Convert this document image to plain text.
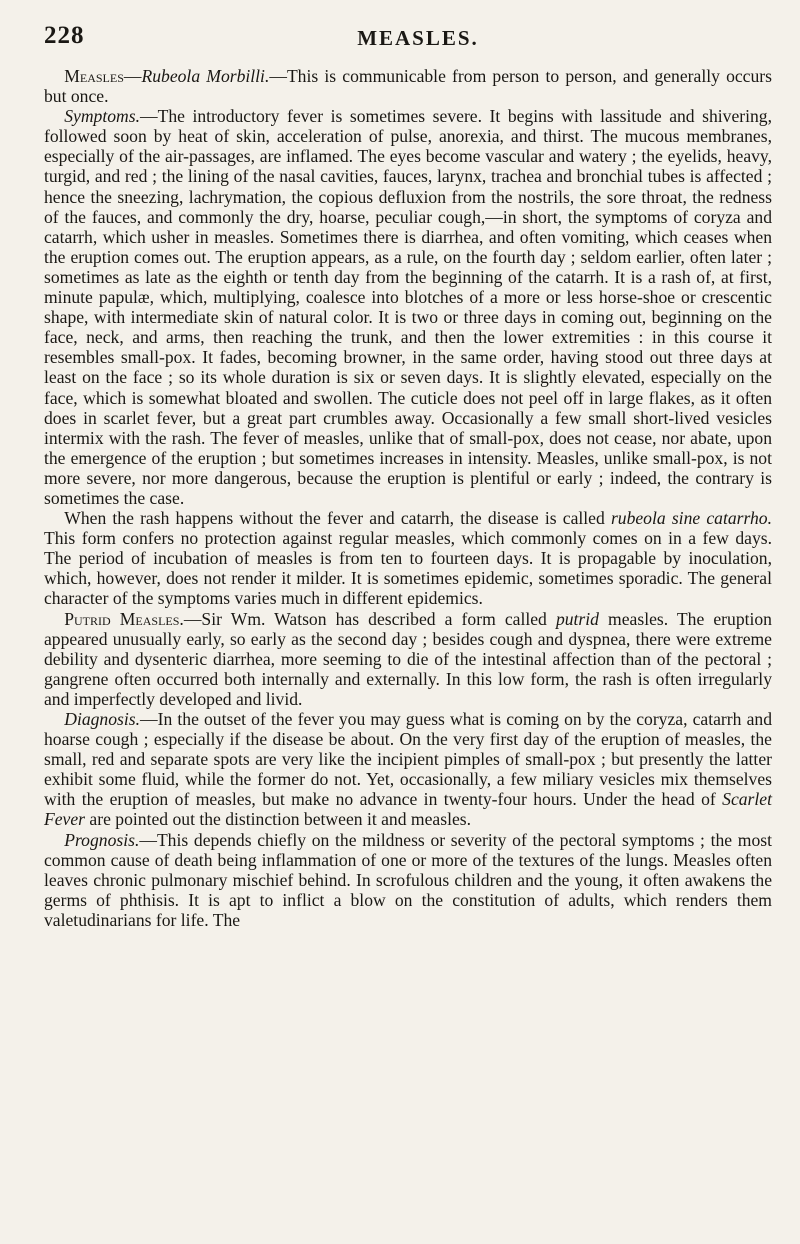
228	MEASLES.

Measles—Rubeola Morbilli.—This is communicable from person to person, and generally occurs but once.

Symptoms.—The introductory fever is sometimes severe. It begins with lassitude and shivering, followed soon by heat of skin, acceleration of pulse, anorexia, and thirst. The mucous membranes, especially of the air-passages, are inflamed. The eyes become vascular and watery ; the eyelids, heavy, turgid, and red ; the lining of the nasal cavities, fauces, larynx, trachea and bronchial tubes is affected ; hence the sneezing, lachrymation, the copious defluxion from the nostrils, the sore throat, the redness of the fauces, and commonly the dry, hoarse, peculiar cough,—in short, the symptoms of coryza and catarrh, which usher in measles. Sometimes there is diarrhea, and often vomiting, which ceases when the eruption comes out. The eruption appears, as a rule, on the fourth day ; seldom earlier, often later ; sometimes as late as the eighth or tenth day from the beginning of the catarrh. It is a rash of, at first, minute papulæ, which, multiplying, coalesce into blotches of a more or less horse-shoe or crescentic shape, with intermediate skin of natural color. It is two or three days in coming out, beginning on the face, neck, and arms, then reaching the trunk, and then the lower extremities : in this course it resembles small-pox. It fades, becoming browner, in the same order, having stood out three days at least on the face ; so its whole duration is six or seven days. It is slightly elevated, especially on the face, which is somewhat bloated and swollen. The cuticle does not peel off in large flakes, as it often does in scarlet fever, but a great part crumbles away. Occasionally a few small short-lived vesicles intermix with the rash. The fever of measles, unlike that of small-pox, does not cease, nor abate, upon the emergence of the eruption ; but sometimes increases in intensity. Measles, unlike small-pox, is not more severe, nor more dangerous, because the eruption is plentiful or early ; indeed, the contrary is sometimes the case.

When the rash happens without the fever and catarrh, the disease is called rubeola sine catarrho. This form confers no protection against regular measles, which commonly comes on in a few days. The period of incubation of measles is from ten to fourteen days. It is propagable by inoculation, which, however, does not render it milder. It is sometimes epidemic, sometimes sporadic. The general character of the symptoms varies much in different epidemics.

Putrid Measles.—Sir Wm. Watson has described a form called putrid measles. The eruption appeared unusually early, so early as the second day ; besides cough and dyspnea, there were extreme debility and dysenteric diarrhea, more seeming to die of the intestinal affection than of the pectoral ; gangrene often occurred both internally and externally. In this low form, the rash is often irregularly and imperfectly developed and livid.

Diagnosis.—In the outset of the fever you may guess what is coming on by the coryza, catarrh and hoarse cough ; especially if the disease be about. On the very first day of the eruption of measles, the small, red and separate spots are very like the incipient pimples of small-pox ; but presently the latter exhibit some fluid, while the former do not. Yet, occasionally, a few miliary vesicles mix themselves with the eruption of measles, but make no advance in twenty-four hours. Under the head of Scarlet Fever are pointed out the distinction between it and measles.

Prognosis.—This depends chiefly on the mildness or severity of the pectoral symptoms ; the most common cause of death being inflammation of one or more of the textures of the lungs. Measles often leaves chronic pulmonary mischief behind. In scrofulous children and the young, it often awakens the germs of phthisis. It is apt to inflict a blow on the constitution of adults, which renders them valetudinarians for life. The
